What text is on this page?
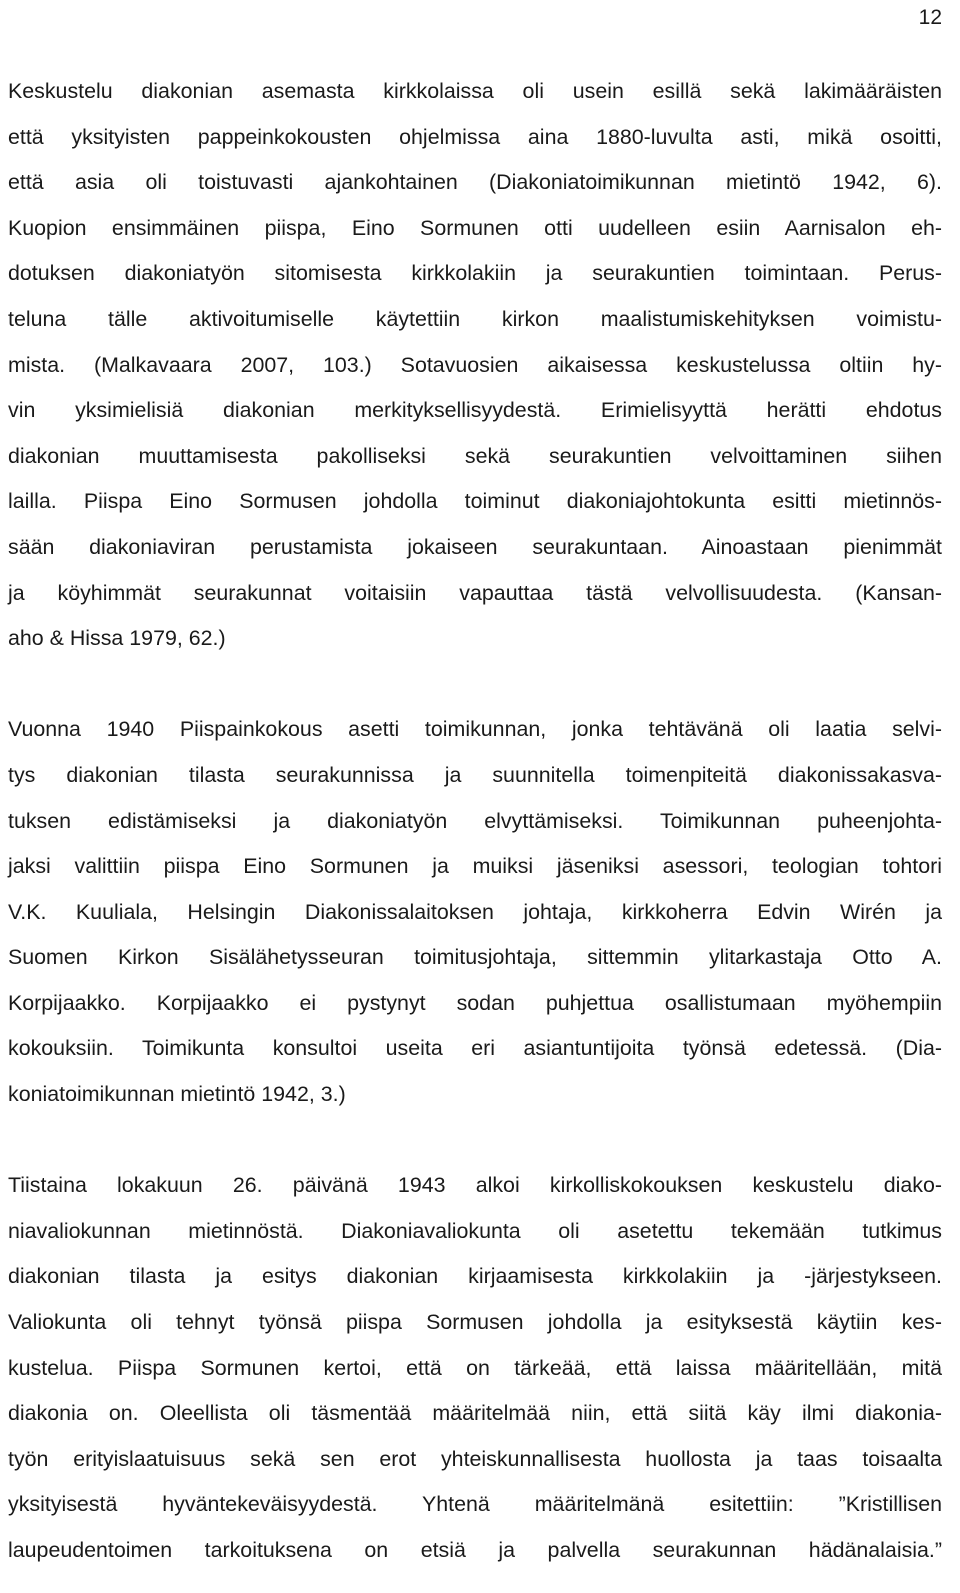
12
Keskustelu diakonian asemasta kirkkolaissa oli usein esillä sekä lakimääräisten
että yksityisten pappeinkokousten ohjelmissa aina 1880-luvulta asti, mikä osoitti,
että asia oli toistuvasti ajankohtainen (Diakoniatoimikunnan mietintö 1942, 6).
Kuopion ensimmäinen piispa, Eino Sormunen otti uudelleen esiin Aarnisalon eh-
dotuksen diakoniatyön sitomisesta kirkkolakiin ja seurakuntien toimintaan. Perus-
teluna tälle aktivoitumiselle käytettiin kirkon maalistumiskehityksen voimistu-
mista. (Malkavaara 2007, 103.) Sotavuosien aikaisessa keskustelussa oltiin hy-
vin yksimielisiä diakonian merkityksellisyydestä. Erimielisyyttä herätti ehdotus
diakonian muuttamisesta pakolliseksi sekä seurakuntien velvoittaminen siihen
lailla. Piispa Eino Sormusen johdolla toiminut diakoniajohtokunta esitti mietinnös-
sään diakoniaviran perustamista jokaiseen seurakuntaan. Ainoastaan pienimmät
ja köyhimmät seurakunnat voitaisiin vapauttaa tästä velvollisuudesta. (Kansan-
aho & Hissa 1979, 62.)
Vuonna 1940 Piispainkokous asetti toimikunnan, jonka tehtävänä oli laatia selvi-
tys diakonian tilasta seurakunnissa ja suunnitella toimenpiteitä diakonissakasva-
tuksen edistämiseksi ja diakoniatyön elvyttämiseksi. Toimikunnan puheenjohta-
jaksi valittiin piispa Eino Sormunen ja muiksi jäseniksi asessori, teologian tohtori
V.K. Kuuliala, Helsingin Diakonissalaitoksen johtaja, kirkkoherra Edvin Wirén ja
Suomen Kirkon Sisälähetysseuran toimitusjohtaja, sittemmin ylitarkastaja Otto A.
Korpijaakko. Korpijaakko ei pystynyt sodan puhjettua osallistumaan myöhempiin
kokouksiin. Toimikunta konsultoi useita eri asiantuntijoita työnsä edetessä. (Dia-
koniatoimikunnan mietintö 1942, 3.)
Tiistaina lokakuun 26. päivänä 1943 alkoi kirkolliskokouksen keskustelu diako-
niavaliokunnan mietinnöstä. Diakoniavaliokunta oli asetettu tekemään tutkimus
diakonian tilasta ja esitys diakonian kirjaamisesta kirkkolakiin ja -järjestykseen.
Valiokunta oli tehnyt työnsä piispa Sormusen johdolla ja esityksestä käytiin kes-
kustelua. Piispa Sormunen kertoi, että on tärkeää, että laissa määritellään, mitä
diakonia on. Oleellista oli täsmentää määritelmää niin, että siitä käy ilmi diakonia-
työn erityislaatuisuus sekä sen erot yhteiskunnallisesta huollosta ja taas toisaalta
yksityisestä hyväntekeväisyydestä. Yhtenä määritelmänä esitettiin: ”Kristillisen
laupeudentoimen tarkoituksena on etsiä ja palvella seurakunnan hädänalaisia.”
